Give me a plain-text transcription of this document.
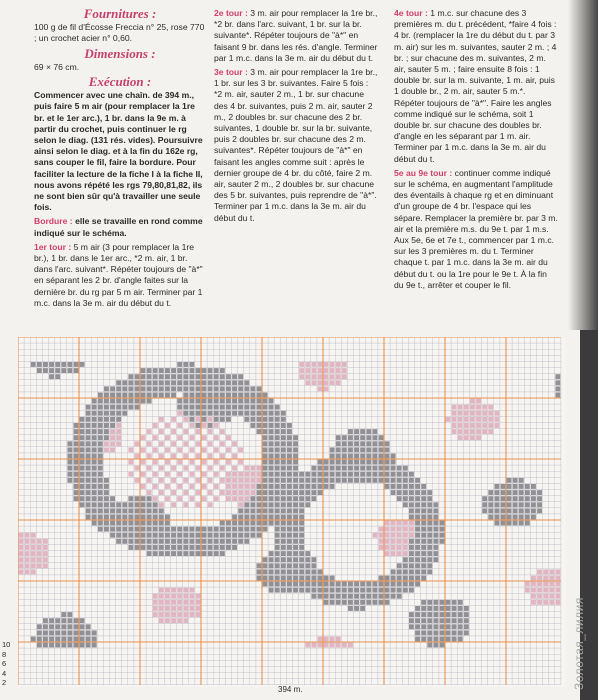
Fournitures :

100 g de fil d'Écosse Freccia n° 25, rose 770 ; un crochet acier n° 0,60.

Dimensions :

69 × 76 cm.

Exécution :

Commencer avec une chaîn. de 394 m., puis faire 5 m air (pour remplacer la 1re br. et le 1er arc.), 1 br. dans la 9e m. à partir du crochet, puis continuer le rg selon le diag. (131 rés. vides). Poursuivre ainsi selon le diag. et à la fin du 162e rg, sans couper le fil, faire la bordure. Pour faciliter la lecture de la fiche I à la fiche II, nous avons répété les rgs 79,80,81,82, ils ne sont bien sûr qu'à travailler une seule fois.

Bordure : elle se travaille en rond comme indiqué sur le schéma.

1er tour : 5 m air (3 pour remplacer la 1re br.), 1 br. dans le 1er arc., *2 m. air, 1 br. dans l'arc. suivant*. Répéter toujours de "à*" en séparant les 2 br. d'angle faites sur la dernière br. du rg par 5 m air. Terminer par 1 m.c. dans la 3e m. air du début du t.

2e tour : 3 m. air pour remplacer la 1re br., *2 br. dans l'arc. suivant, 1 br. sur la br. suivante*. Répéter toujours de "à*" en faisant 9 br. dans les rés. d'angle. Terminer par 1 m.c. dans la 3e m. air du début du t.

3e tour : 3 m. air pour remplacer la 1re br., 1 br. sur les 3 br. suivantes. Faire 5 fois : *2 m. air, sauter 2 m., 1 br. sur chacune des 4 br. suivantes, puis 2 m. air, sauter 2 m., 2 doubles br. sur chacune des 2 br. suivantes, 1 double br. sur la br. suivante, puis 2 doubles br. sur chacune des 2 m. suivantes*. Répéter toujours de "à*" en faisant les angles comme suit : après le dernier groupe de 4 br. du côté, faire 2 m. air, sauter 2 m., 2 doubles br. sur chacune des 5 br. suivantes, puis reprendre de "à*". Terminer par 1 m.c. dans la 3e m. air du début du t.

4e tour : 1 m.c. sur chacune des 3 premières m. du t. précédent, *faire 4 fois : 4 br. (remplacer la 1re du début du t. par 3 m. air) sur les m. suivantes, sauter 2 m. ; 4 br. ; sur chacune des m. suivantes, 2 m. air, sauter 5 m. ; faire ensuite 8 fois : 1 double br. sur la m. suivante, 1 m. air, puis 1 double br., 2 m. air, sauter 5 m.*. Répéter toujours de "à*". Faire les angles comme indiqué sur le schéma, soit 1 double br. sur chacune des doubles br. d'angle en les séparant par 1 m. air. Terminer par 1 m.c. dans la 3e m. air du début du t.

5e au 9e tour : continuer comme indiqué sur le schéma, en augmentant l'amplitude des éventails à chaque rg et en diminuant d'un groupe de 4 br. l'espace qui les sépare. Remplacer la première br. par 3 m. air et la première m.s. du 9e t. par 1 m.s. Aux 5e, 6e et 7e t., commencer par 1 m.c. sur les 3 premières m. du t. Terminer chaque t. par 1 m.c. dans la 3e m. air du début du t. ou la 1re pour le 9e t. À la fin du 9e t., arrêter et couper le fil.

10
8
6
4
2
394 m.	Золотая_лилия
